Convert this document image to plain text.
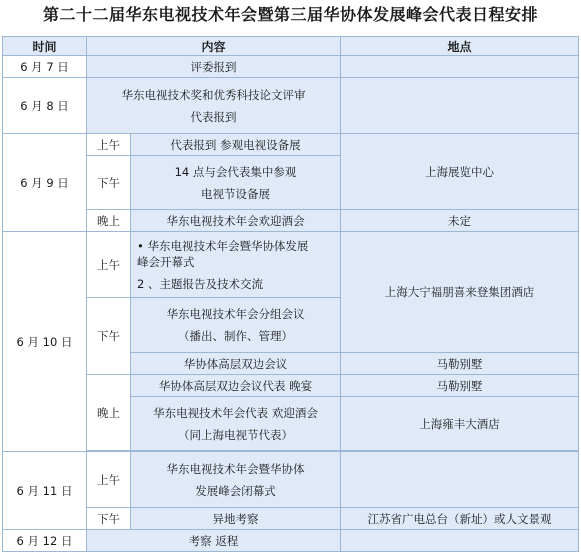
第二十二届华东电视技术年会暨第三届华协体发展峰会代表日程安排
时间	内容		地点
6 月 7 日	评委报到		
6 月 8 日	华东电视技术奖和优秀科技论文评审
代表报到		

6 月 9 日	上午	代表报到 参观电视设备展	上海展览中心
	下午	14 点与会代表集中参观
电视节设备展	

	晚上	华东电视技术年会欢迎酒会	未定
6 月 10 日	上午	• 华东电视技术年会暨华协体发展
峰会开幕式
2 、主题报告及技术交流	上海大宁福朋喜来登集团酒店
	下午	华东电视技术年会分组会议
（播出、制作、管理）	

		华协体高层双边会议	马勒别墅
	晚上	华协体高层双边会议代表 晚宴	马勒别墅

		华东电视技术年会代表 欢迎酒会
（同上海电视节代表）	上海雍丰大酒店

6 月 11 日	上午	华东电视技术年会暨华协体
发展峰会闭幕式	

	下午	异地考察	江苏省广电总台（新址）或人文景观
6 月 12 日	考察 返程		
